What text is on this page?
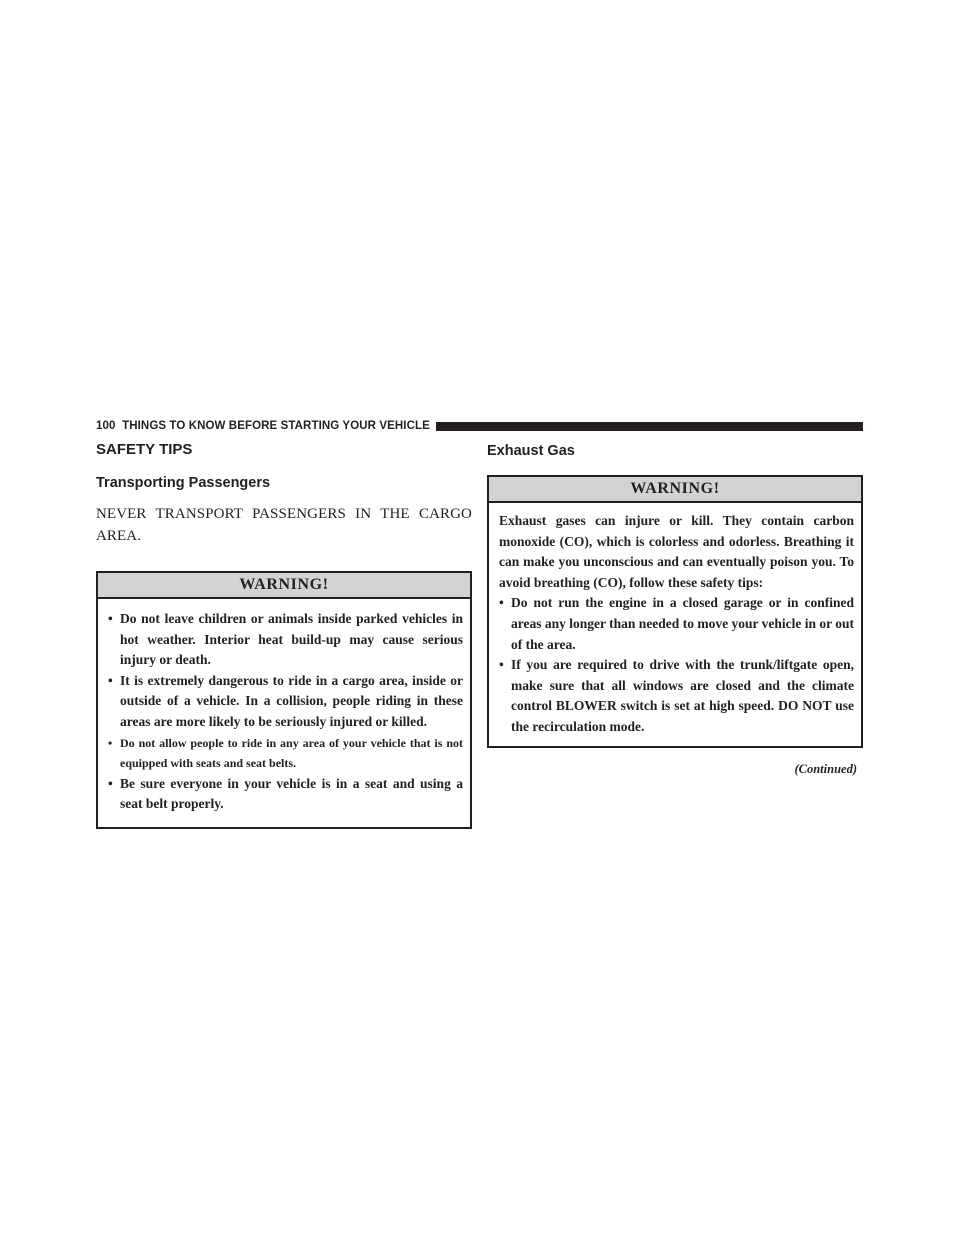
100 THINGS TO KNOW BEFORE STARTING YOUR VEHICLE
SAFETY TIPS
Transporting Passengers

NEVER TRANSPORT PASSENGERS IN THE CARGO AREA.

WARNING!
• Do not leave children or animals inside parked vehicles in hot weather. Interior heat build-up may cause serious injury or death.
• It is extremely dangerous to ride in a cargo area, inside or outside of a vehicle. In a collision, people riding in these areas are more likely to be seriously injured or killed.
• Do not allow people to ride in any area of your vehicle that is not equipped with seats and seat belts.
• Be sure everyone in your vehicle is in a seat and using a seat belt properly.
Exhaust Gas
WARNING!

Exhaust gases can injure or kill. They contain carbon monoxide (CO), which is colorless and odorless. Breathing it can make you unconscious and can eventually poison you. To avoid breathing (CO), follow these safety tips:

• Do not run the engine in a closed garage or in confined areas any longer than needed to move your vehicle in or out of the area.
• If you are required to drive with the trunk/liftgate open, make sure that all windows are closed and the climate control BLOWER switch is set at high speed. DO NOT use the recirculation mode.
(Continued)
